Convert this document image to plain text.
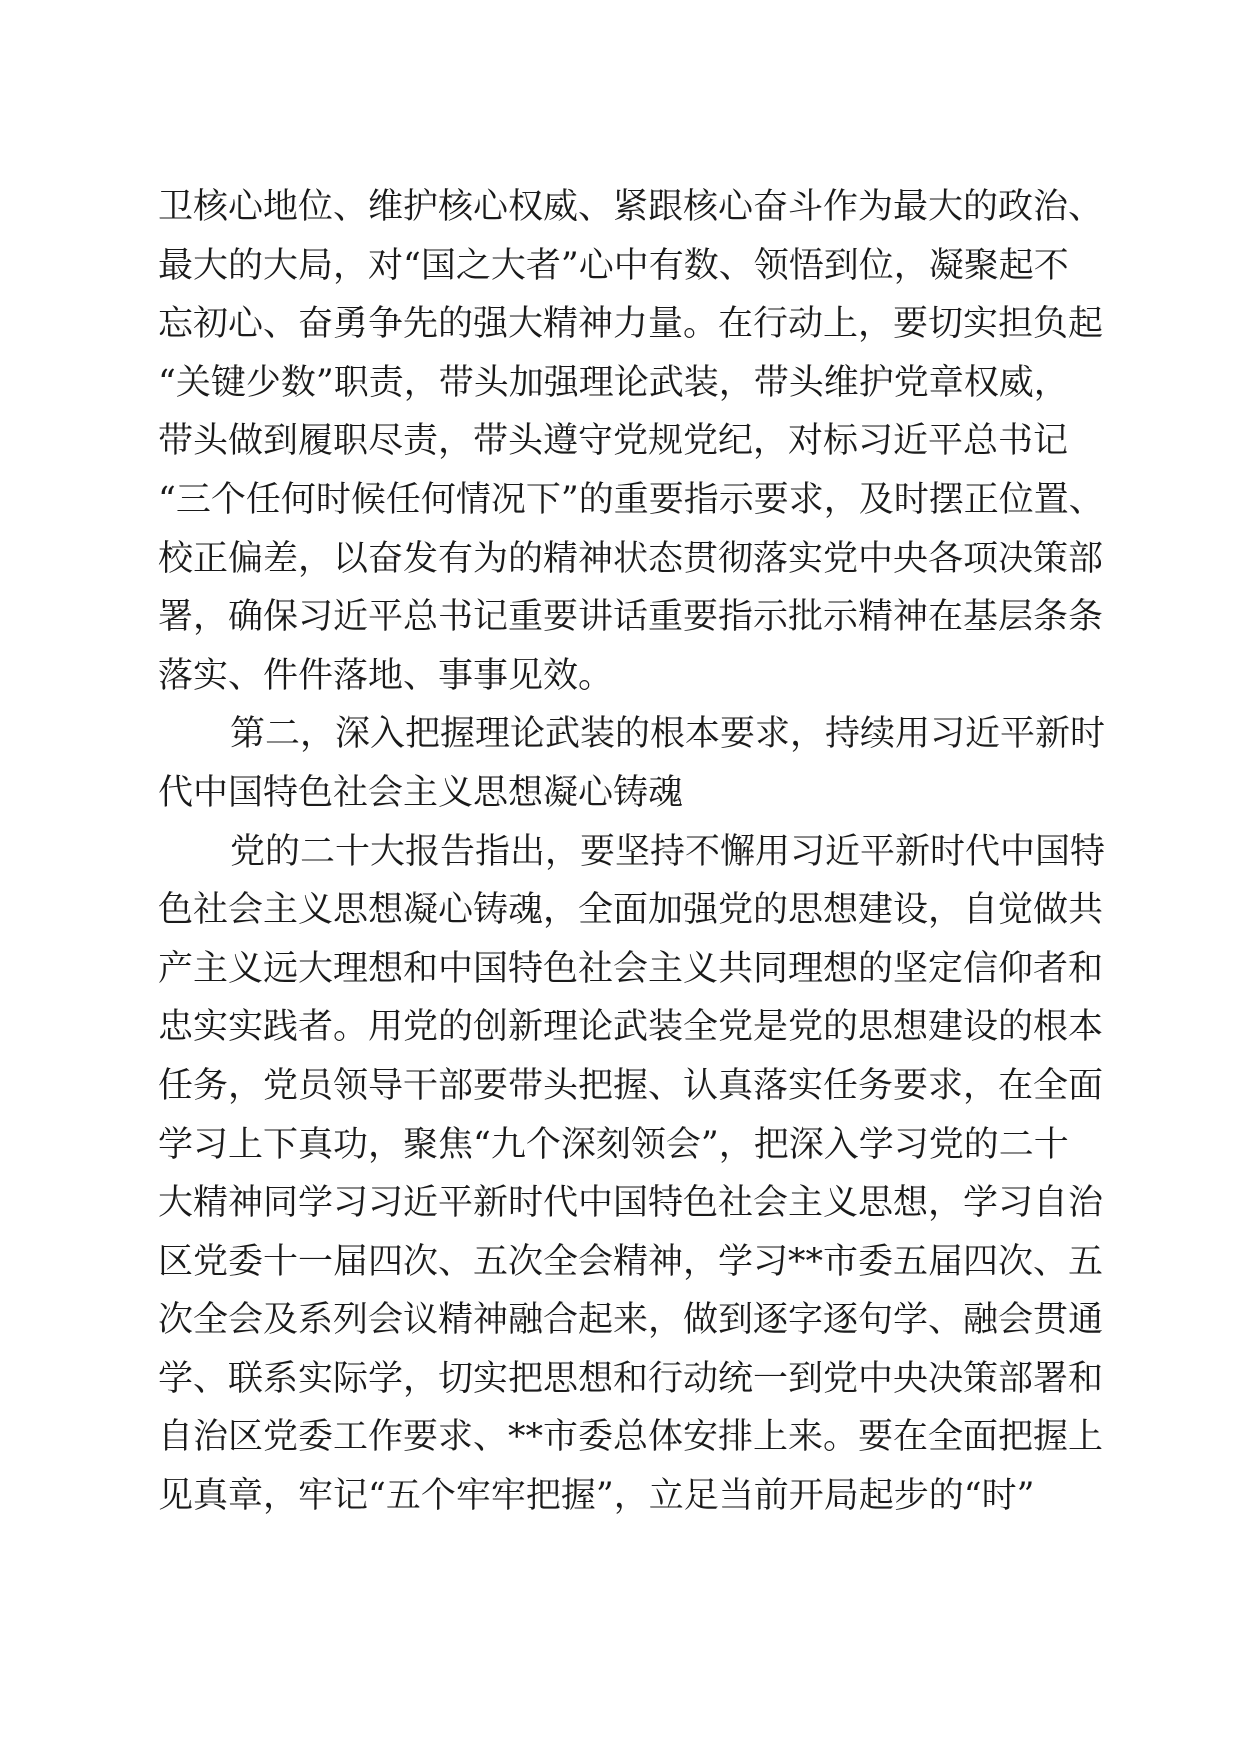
卫核心地位、维护核心权威、紧跟核心奋斗作为最大的政治、
最大的大局，对“国之大者”心中有数、领悟到位，凝聚起不
忘初心、奋勇争先的强大精神力量。在行动上，要切实担负起
“关键少数”职责，带头加强理论武装，带头维护党章权威，
带头做到履职尽责，带头遵守党规党纪，对标习近平总书记
“三个任何时候任何情况下”的重要指示要求，及时摆正位置、
校正偏差，以奋发有为的精神状态贯彻落实党中央各项决策部
署，确保习近平总书记重要讲话重要指示批示精神在基层条条
落实、件件落地、事事见效。
第二，深入把握理论武装的根本要求，持续用习近平新时
代中国特色社会主义思想凝心铸魂
党的二十大报告指出，要坚持不懈用习近平新时代中国特
色社会主义思想凝心铸魂，全面加强党的思想建设，自觉做共
产主义远大理想和中国特色社会主义共同理想的坚定信仰者和
忠实实践者。用党的创新理论武装全党是党的思想建设的根本
任务，党员领导干部要带头把握、认真落实任务要求，在全面
学习上下真功，聚焦“九个深刻领会”，把深入学习党的二十
大精神同学习习近平新时代中国特色社会主义思想，学习自治
区党委十一届四次、五次全会精神，学习**市委五届四次、五
次全会及系列会议精神融合起来，做到逐字逐句学、融会贯通
学、联系实际学，切实把思想和行动统一到党中央决策部署和
自治区党委工作要求、**市委总体安排上来。要在全面把握上
见真章，牢记“五个牢牢把握”，立足当前开局起步的“时”
